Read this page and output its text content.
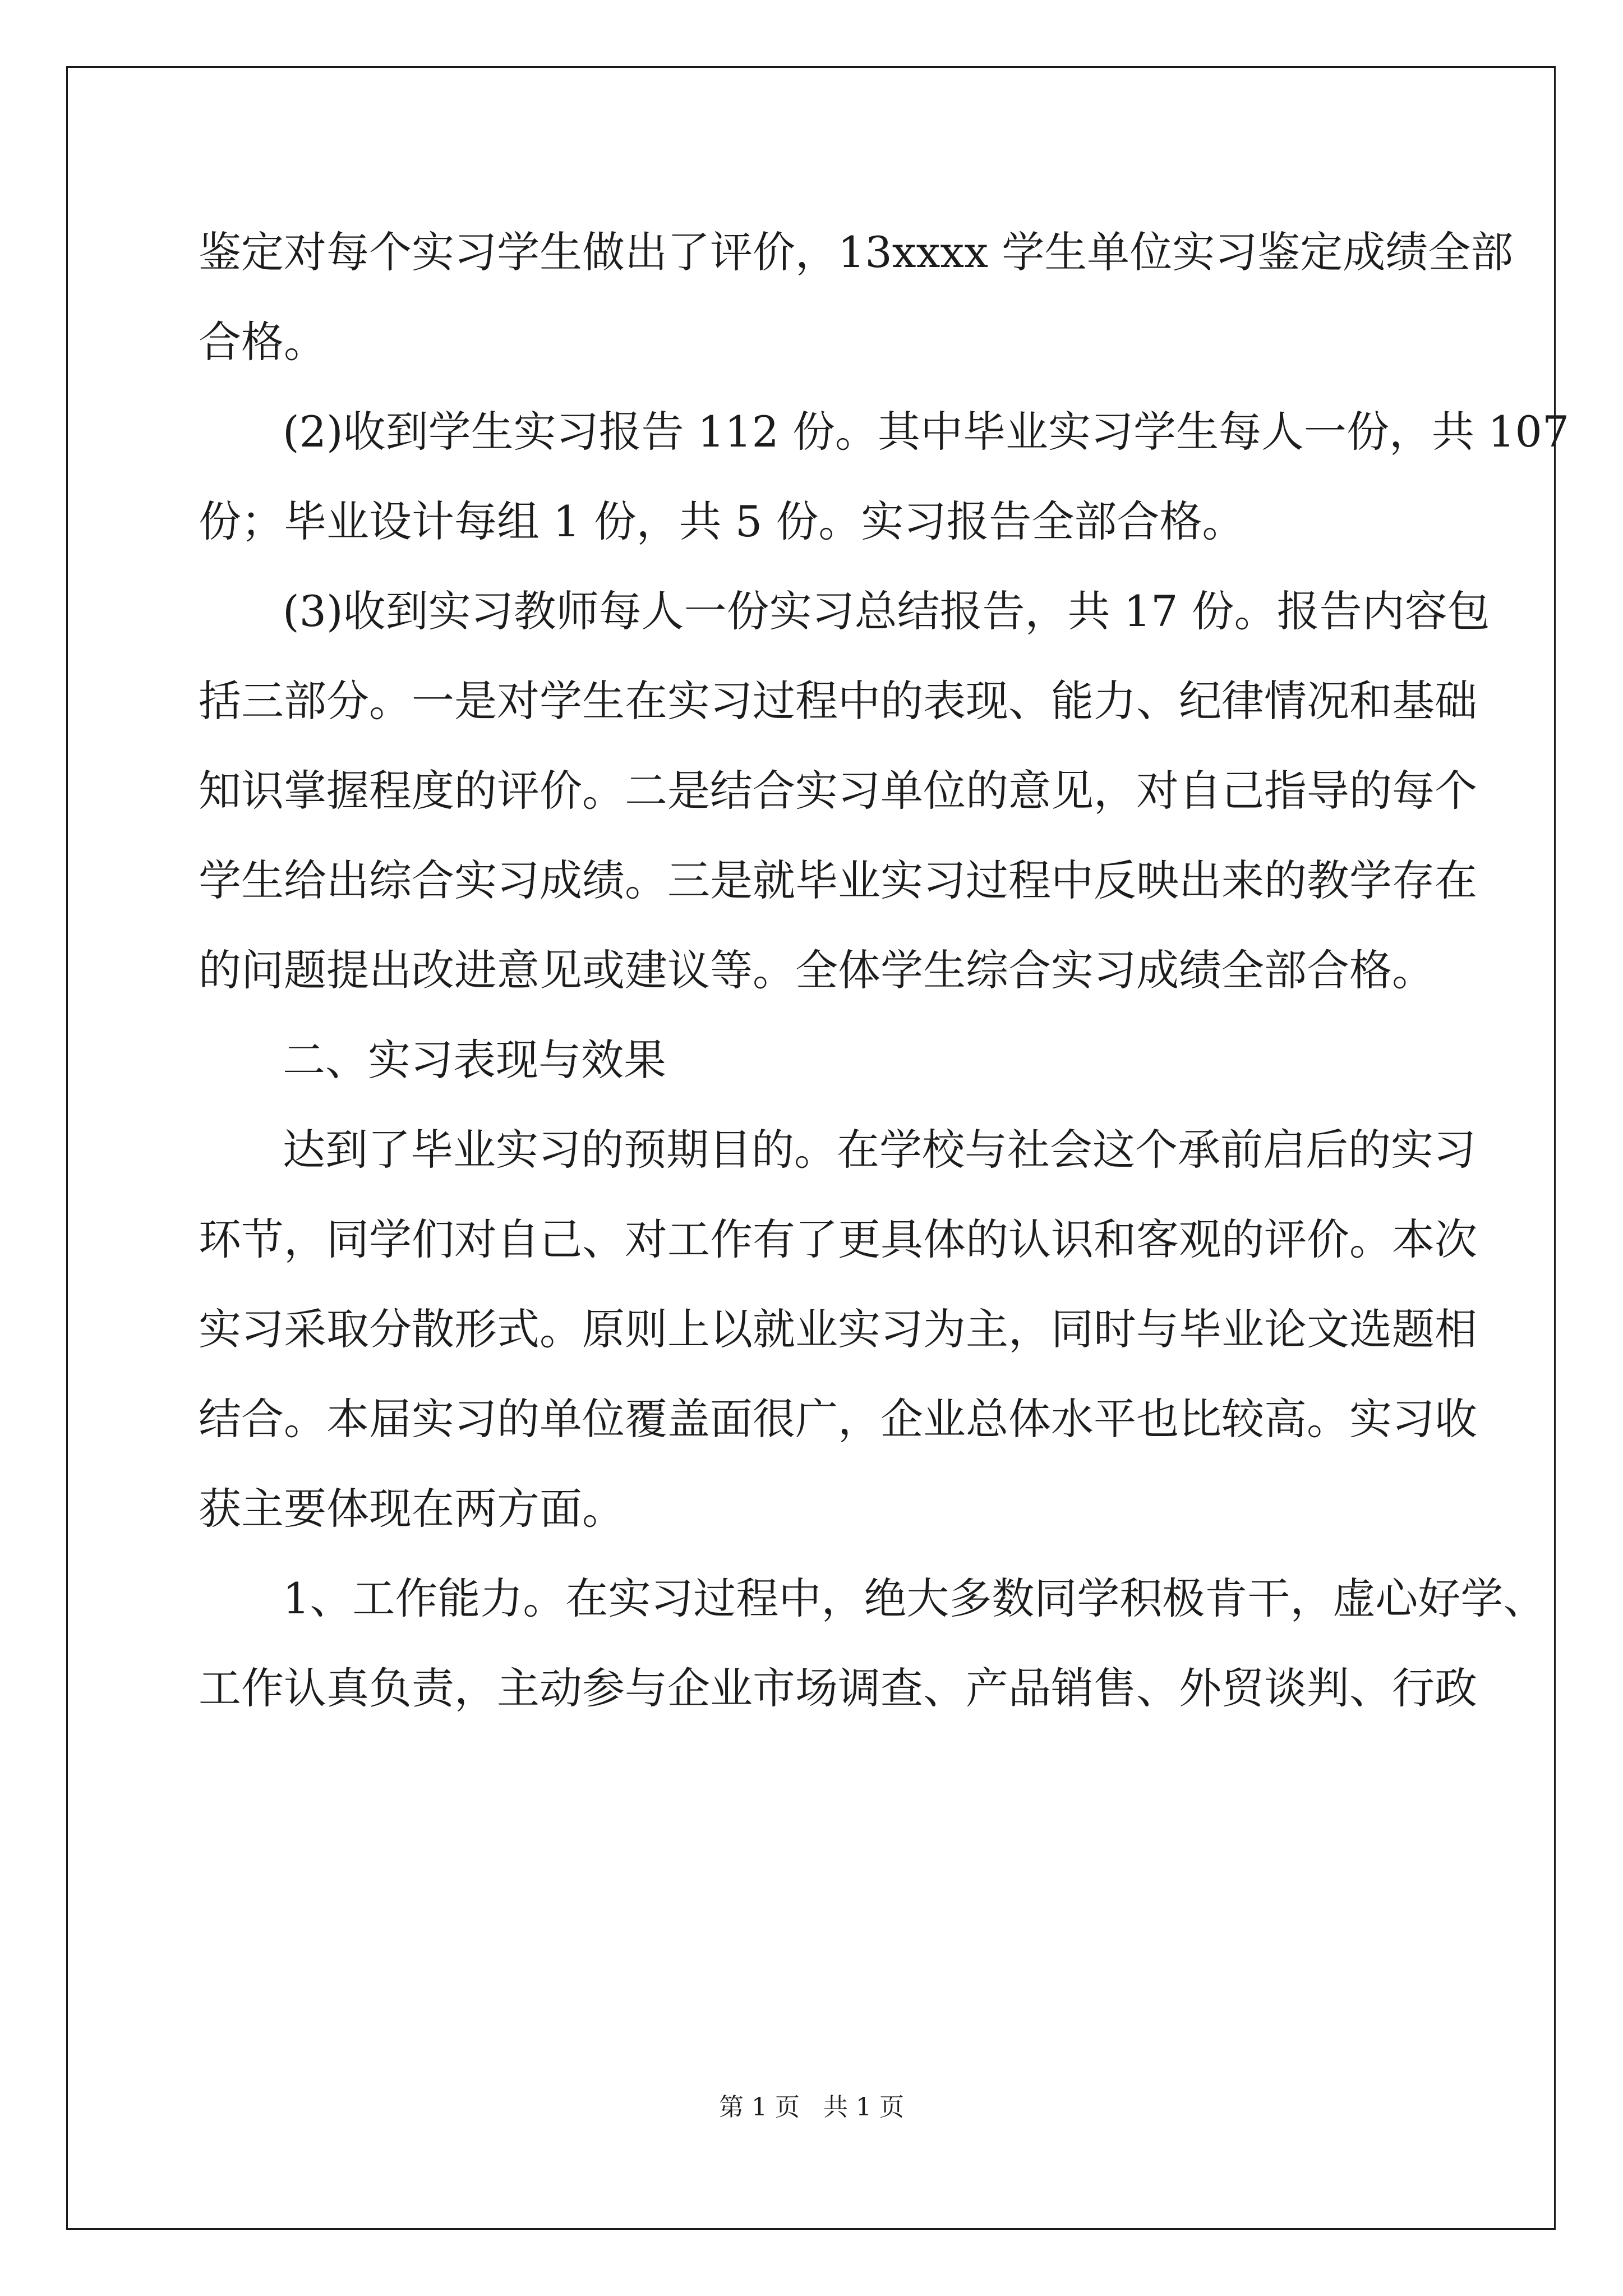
鉴定对每个实习学生做出了评价，13xxxx 学生单位实习鉴定成绩全部
合格。
(2)收到学生实习报告 112 份。其中毕业实习学生每人一份，共 107
份；毕业设计每组 1 份，共 5 份。实习报告全部合格。
(3)收到实习教师每人一份实习总结报告，共 17 份。报告内容包
括三部分。一是对学生在实习过程中的表现、能力、纪律情况和基础
知识掌握程度的评价。二是结合实习单位的意见，对自己指导的每个
学生给出综合实习成绩。三是就毕业实习过程中反映出来的教学存在
的问题提出改进意见或建议等。全体学生综合实习成绩全部合格。
二、实习表现与效果
达到了毕业实习的预期目的。在学校与社会这个承前启后的实习
环节，同学们对自己、对工作有了更具体的认识和客观的评价。本次
实习采取分散形式。原则上以就业实习为主，同时与毕业论文选题相
结合。本届实习的单位覆盖面很广，企业总体水平也比较高。实习收
获主要体现在两方面。
1、工作能力。在实习过程中，绝大多数同学积极肯干，虚心好学、
工作认真负责，主动参与企业市场调查、产品销售、外贸谈判、行政
第 1 页 共 1 页
